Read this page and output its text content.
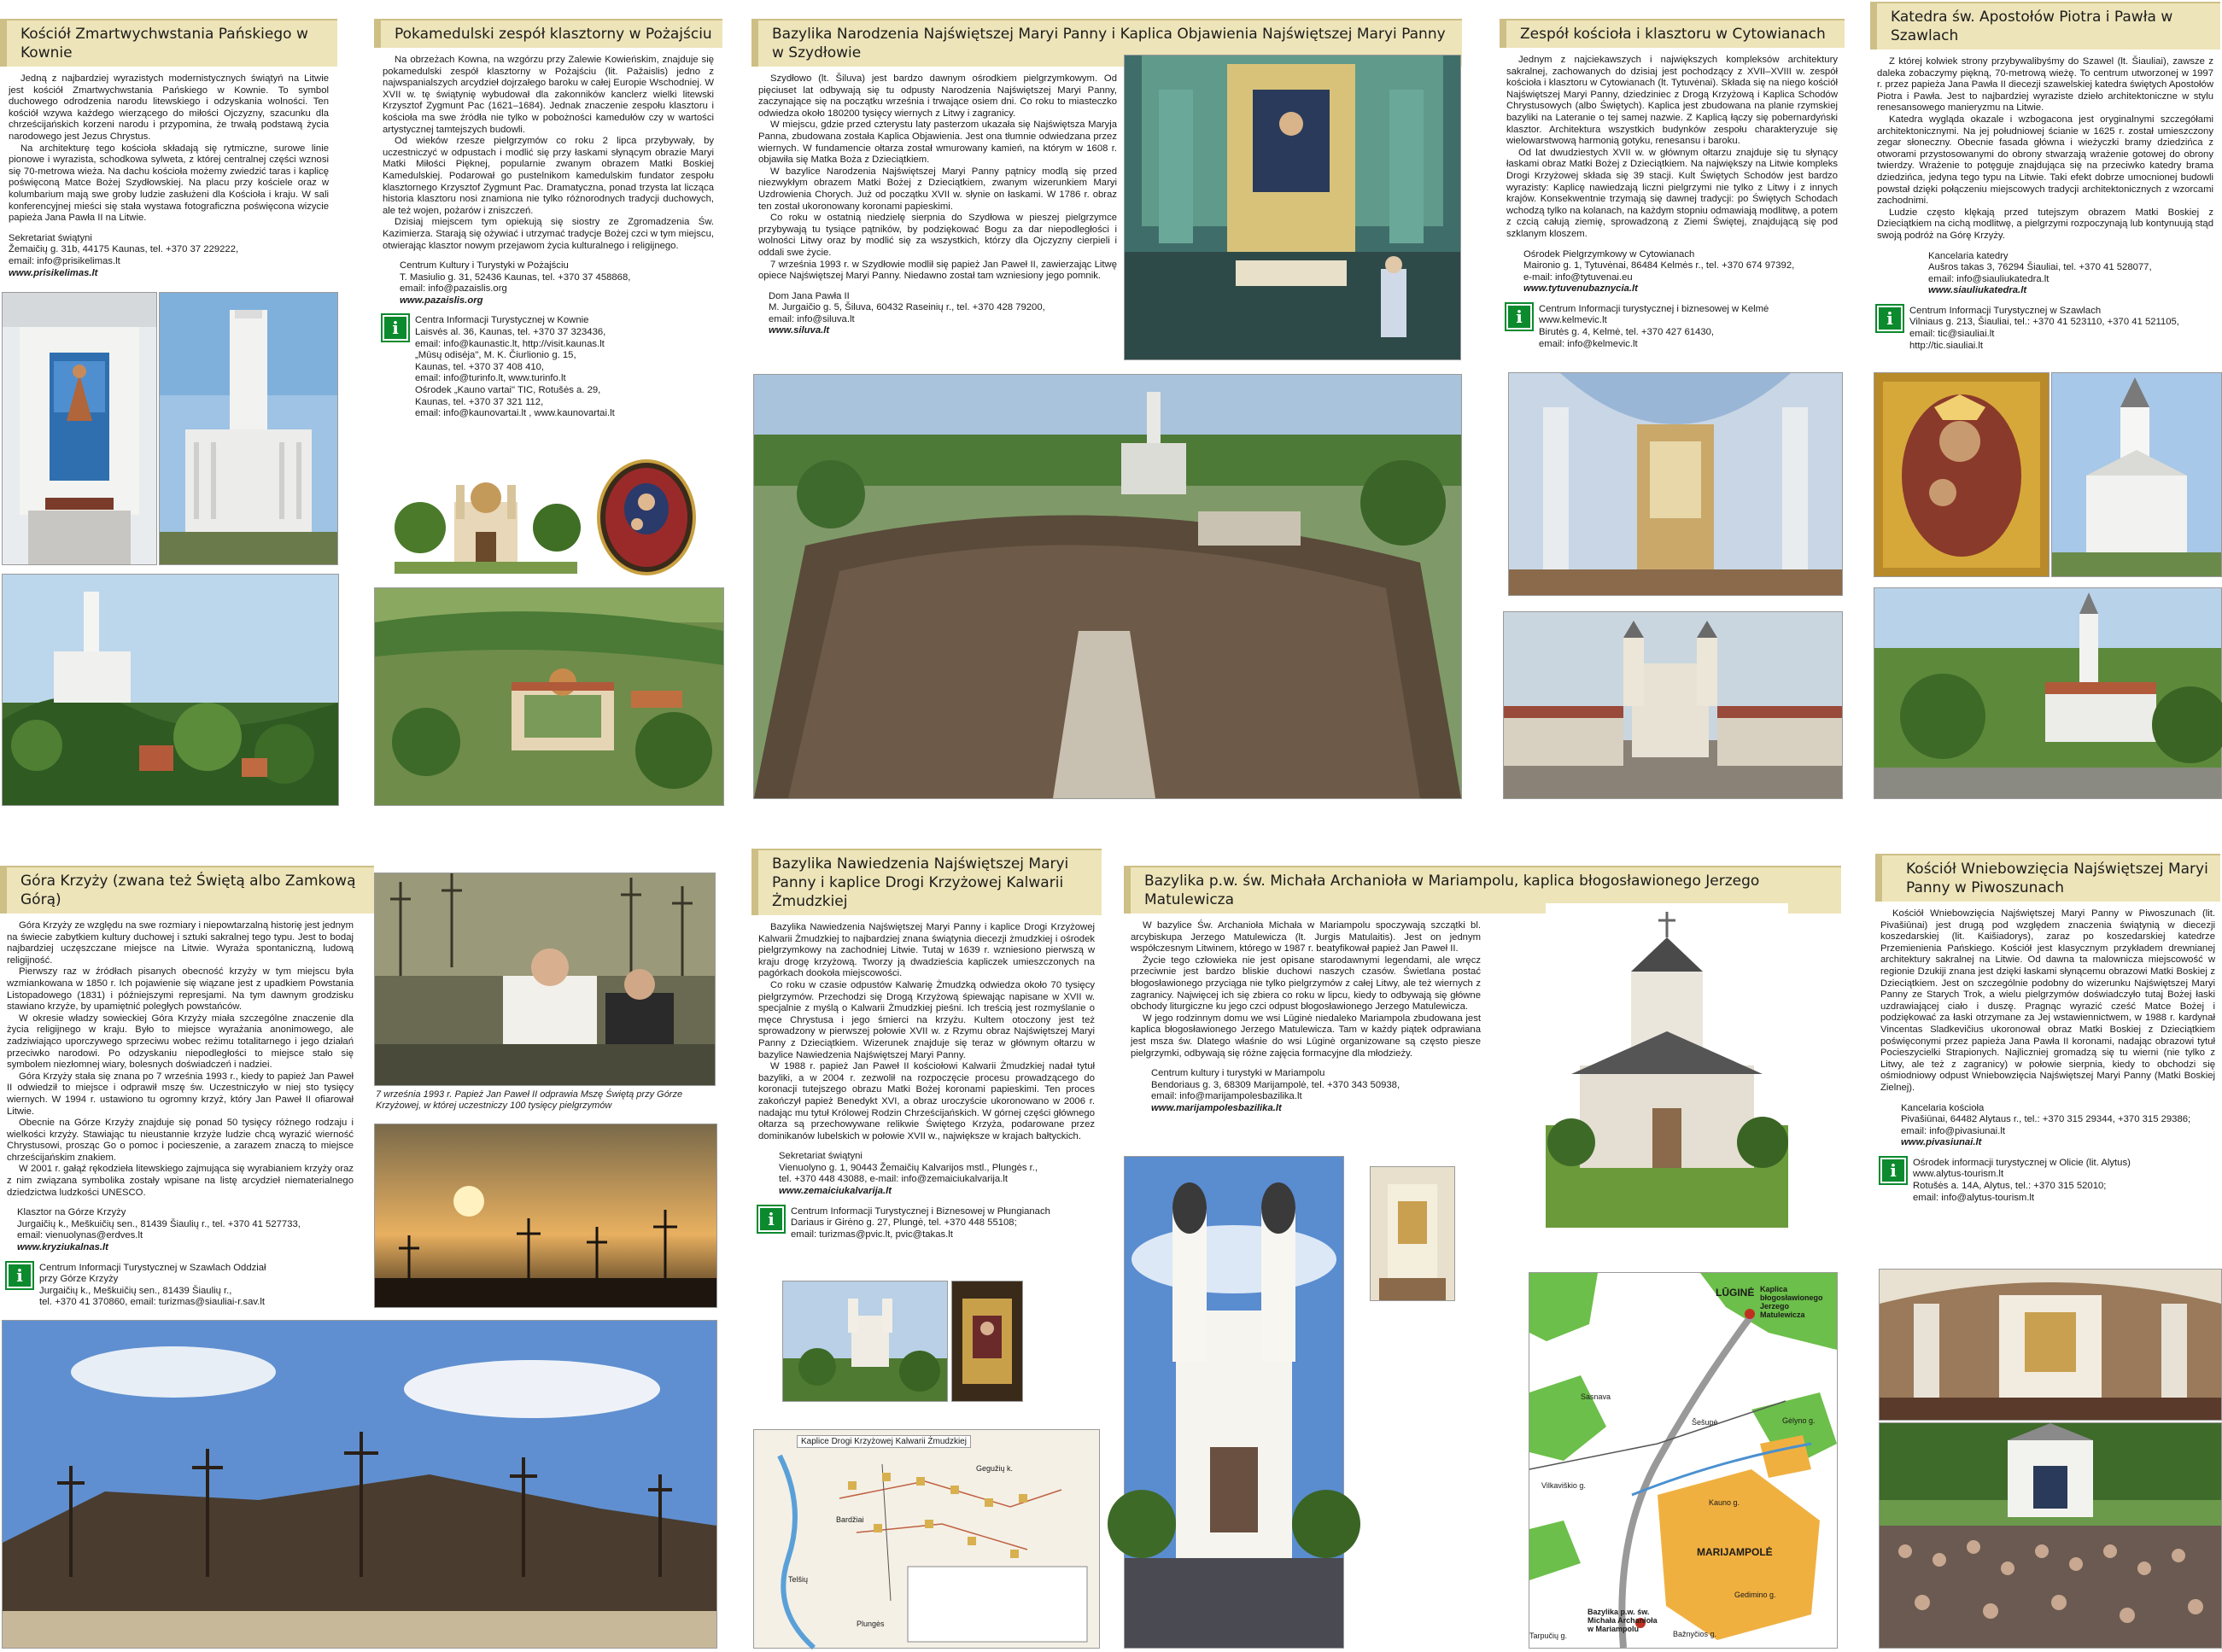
Kościół Zmartwychwstania Pańskiego w Kownie

Jedną z najbardziej wyrazistych modernistycznych świątyń na Litwie jest kościół Zmartwychwstania Pańskiego w Kownie. To symbol duchowego odrodzenia narodu litewskiego i odzyskania wolności. Ten kościół wzywa każdego wierzącego do miłości Ojczyzny, szacunku dla chrześcijańskich korzeni narodu i przypomina, że trwałą podstawą życia narodowego jest Jezus Chrystus.

Na architekturę tego kościoła składają się rytmiczne, surowe linie pionowe i wyrazista, schodkowa sylweta, z której centralnej części wznosi się 70-metrowa wieża. Na dachu kościoła możemy zwiedzić taras i kaplicę poświęconą Matce Bożej Szydłowskiej. Na placu przy kościele oraz w kolumbarium mają swe groby ludzie zasłużeni dla Kościoła i kraju. W sali konferencyjnej mieści się stała wystawa fotograficzna poświęcona wizycie papieża Jana Pawła II na Litwie.

Sekretariat świątyni
Žemaičių g. 31b, 44175 Kaunas, tel. +370 37 229222,
email: info@prisikelimas.lt
www.prisikelimas.lt
Pokamedulski zespół klasztorny w Pożajściu

Na obrzeżach Kowna, na wzgórzu przy Zalewie Kowieńskim, znajduje się pokamedulski zespół klasztorny w Pożajściu (lit. Pažaislis) jedno z najwspanialszych arcydzieł dojrzałego baroku w całej Europie Wschodniej. W XVII w. tę świątynię wybudował dla zakonników kanclerz wielki litewski Krzysztof Zygmunt Pac (1621–1684). Jednak znaczenie zespołu klasztoru i kościoła ma swe źródła nie tylko w pobożności kamedułów czy w wartości artystycznej tamtejszych budowli.

Od wieków rzesze pielgrzymów co roku 2 lipca przybywały, by uczestniczyć w odpustach i modlić się przy łaskami słynącym obrazie Maryi Matki Miłości Pięknej, popularnie zwanym obrazem Matki Boskiej Kamedulskiej. Podarował go pustelnikom kamedulskim fundator zespołu klasztornego Krzysztof Zygmunt Pac. Dramatyczna, ponad trzysta lat licząca historia klasztoru nosi znamiona nie tylko różnorodnych tradycji duchowych, ale też wojen, pożarów i zniszczeń.

Dzisiaj miejscem tym opiekują się siostry ze Zgromadzenia Św. Kazimierza. Starają się ożywiać i utrzymać tradycje Bożej czci w tym miejscu, otwierając klasztor nowym przejawom życia kulturalnego i religijnego.

Centrum Kultury i Turystyki w Pożajściu
T. Masiulio g. 31, 52436 Kaunas, tel. +370 37 458868,
email: info@pazaislis.org
www.pazaislis.org
i	Centra Informacji Turystycznej w Kownie
Laisvės al. 36, Kaunas, tel. +370 37 323436,
email: info@kaunastic.lt, http://visit.kaunas.lt
„Mūsų odisėja", M. K. Čiurlionio g. 15,
Kaunas, tel. +370 37 408 410,
email: info@turinfo.lt, www.turinfo.lt
Ośrodek „Kauno vartai" TIC, Rotušės a. 29,
Kaunas, tel. +370 37 321 112,
email: info@kaunovartai.lt , www.kaunovartai.lt
Bazylika Narodzenia Najświętszej Maryi Panny i Kaplica Objawienia Najświętszej Maryi Panny w Szydłowie

Szydłowo (lt. Šiluva) jest bardzo dawnym ośrodkiem pielgrzymkowym. Od pięciuset lat odbywają się tu odpusty Narodzenia Najświętszej Maryi Panny, zaczynające się na początku września i trwające osiem dni. Co roku to miasteczko odwiedza około 180200 tysięcy wiernych z Litwy i zagranicy.

W miejscu, gdzie przed czterystu laty pasterzom ukazała się Najświętsza Maryja Panna, zbudowana została Kaplica Objawienia. Jest ona tłumnie odwiedzana przez wiernych. W fundamencie ołtarza został wmurowany kamień, na którym w 1608 r. objawiła się Matka Boża z Dzieciątkiem.

W bazylice Narodzenia Najświętszej Maryi Panny pątnicy modlą się przed niezwykłym obrazem Matki Bożej z Dzieciątkiem, zwanym wizerunkiem Maryi Uzdrowienia Chorych. Już od początku XVII w. słynie on łaskami. W 1786 r. obraz ten został ukoronowany koronami papieskimi.

Co roku w ostatnią niedzielę sierpnia do Szydłowa w pieszej pielgrzymce przybywają tu tysiące pątników, by podziękować Bogu za dar niepodległości i wolności Litwy oraz by modlić się za wszystkich, którzy dla Ojczyzny cierpieli i oddali swe życie.

7 września 1993 r. w Szydłowie modlił się papież Jan Paweł II, zawierzając Litwę opiece Najświętszej Maryi Panny. Niedawno został tam wzniesiony jego pomnik.

Dom Jana Pawła II
M. Jurgaičio g. 5, Šiluva, 60432 Raseinių r., tel. +370 428 79200,
email: info@siluva.lt
www.siluva.lt
Zespół kościoła i klasztoru w Cytowianach

Jednym z najciekawszych i największych kompleksów architektury sakralnej, zachowanych do dzisiaj jest pochodzący z XVII–XVIII w. zespół kościoła i klasztoru w Cytowianach (lt. Tytuvėnai). Składa się na niego kościół Najświętszej Maryi Panny, dziedziniec z Drogą Krzyżową i Kaplica Schodów Chrystusowych (albo Świętych). Kaplica jest zbudowana na planie rzymskiej bazyliki na Lateranie o tej samej nazwie. Z Kaplicą łączy się pobernardyński klasztor. Architektura wszystkich budynków zespołu charakteryzuje się wielowarstwową harmonią gotyku, renesansu i baroku.

Od lat dwudziestych XVII w. w głównym ołtarzu znajduje się tu słynący łaskami obraz Matki Bożej z Dzieciątkiem. Na największy na Litwie kompleks Drogi Krzyżowej składa się 39 stacji. Kult Świętych Schodów jest bardzo wyrazisty: Kaplicę nawiedzają liczni pielgrzymi nie tylko z Litwy i z innych krajów. Konsekwentnie trzymają się dawnej tradycji: po Świętych Schodach wchodzą tylko na kolanach, na każdym stopniu odmawiają modlitwę, a potem z czcią całują ziemię, sprowadzoną z Ziemi Świętej, znajdującą się pod szklanym kloszem.

Ośrodek Pielgrzymkowy w Cytowianach
Maironio g. 1, Tytuvėnai, 86484 Kelmės r., tel. +370 674 97392,
e-mail: info@tytuvenai.eu
www.tytuvenubaznycia.lt
i	Centrum Informacji turystycznej i biznesowej w Kelmė
www.kelmevic.lt
Birutės g. 4, Kelmė, tel. +370 427 61430,
email: info@kelmevic.lt
Katedra św. Apostołów Piotra i Pawła w Szawlach

Z której kolwiek strony przybywalibyśmy do Szawel (lt. Šiauliai), zawsze z daleka zobaczymy piękną, 70-metrową wieżę. To centrum utworzonej w 1997 r. przez papieża Jana Pawła II diecezji szawelskiej katedra świętych Apostołów Piotra i Pawła. Jest to najbardziej wyraziste dzieło architektoniczne w stylu renesansowego manieryzmu na Litwie.

Katedra wygląda okazale i wzbogacona jest oryginalnymi szczegółami architektonicznymi. Na jej południowej ścianie w 1625 r. został umieszczony zegar słoneczny. Obecnie fasada główna i wieżyczki bramy dziedzińca z otworami przystosowanymi do obrony stwarzają wrażenie gotowej do obrony twierdzy. Wrażenie to potęguje znajdująca się na przeciwko katedry brama dziedzińca, jedyna tego typu na Litwie. Taki efekt dobrze umocnionej budowli powstał dzięki połączeniu miejscowych tradycji architektonicznych z wzorcami zachodnimi.

Ludzie często klękają przed tutejszym obrazem Matki Boskiej z Dzieciątkiem na cichą modlitwę, a pielgrzymi rozpoczynają lub kontynuują stąd swoją podróż na Górę Krzyży.

Kancelaria katedry
Aušros takas 3, 76294 Šiauliai, tel. +370 41 528077,
email: info@siauliukatedra.lt
www.siauliukatedra.lt
i	Centrum Informacji Turystycznej w Szawlach
Vilniaus g. 213, Šiauliai, tel.: +370 41 523110, +370 41 521105,
email: tic@siauliai.lt
http://tic.siauliai.lt
Góra Krzyży (zwana też Świętą albo Zamkową Górą)

Góra Krzyży ze względu na swe rozmiary i niepowtarzalną historię jest jednym na świecie zabytkiem kultury duchowej i sztuki sakralnej tego typu. Jest to bodaj najbardziej uczęszczane miejsce na Litwie. Wyraża spontaniczną, ludową religijność.

Pierwszy raz w źródłach pisanych obecność krzyży w tym miejscu była wzmiankowana w 1850 r. Ich pojawienie się wiązane jest z upadkiem Powstania Listopadowego (1831) i późniejszymi represjami. Na tym dawnym grodzisku stawiano krzyże, by upamiętnić poległych powstańców.

W okresie władzy sowieckiej Góra Krzyży miała szczególne znaczenie dla życia religijnego w kraju. Było to miejsce wyrażania anonimowego, ale zadziwiająco uporczywego sprzeciwu wobec reżimu totalitarnego i jego działań przeciwko narodowi. Po odzyskaniu niepodległości to miejsce stało się symbolem niezłomnej wiary, bolesnych doświadczeń i nadziei.

Góra Krzyży stała się znana po 7 września 1993 r., kiedy to papież Jan Paweł II odwiedził to miejsce i odprawił mszę św. Uczestniczyło w niej sto tysięcy wiernych. W 1994 r. ustawiono tu ogromny krzyż, który Jan Paweł II ofiarował Litwie.

Obecnie na Górze Krzyży znajduje się ponad 50 tysięcy różnego rodzaju i wielkości krzyży. Stawiając tu nieustannie krzyże ludzie chcą wyrazić wierność Chrystusowi, prosząc Go o pomoc i pocieszenie, a zarazem znaczą to miejsce chrześcijańskim znakiem.

W 2001 r. gałąź rękodzieła litewskiego zajmująca się wyrabianiem krzyży oraz z nim związana symbolika zostały wpisane na listę arcydzieł niematerialnego dziedzictwa ludzkości UNESCO.

Klasztor na Górze Krzyży
Jurgaičių k., Meškuičių sen., 81439 Šiaulių r., tel. +370 41 527733,
email: vienuolynas@erdves.lt
www.kryziukalnas.lt
i	Centrum Informacji Turystycznej w Szawlach Oddział
przy Górze Krzyży
Jurgaičių k., Meškuičių sen., 81439 Šiaulių r.,
tel. +370 41 370860, email: turizmas@siauliai-r.sav.lt
7 września 1993 r. Papież Jan Paweł II odprawia Mszę Świętą przy Górze Krzyżowej, w której uczestniczy 100 tysięcy pielgrzymów
Bazylika Nawiedzenia Najświętszej Maryi Panny i kaplice Drogi Krzyżowej Kalwarii Żmudzkiej

Bazylika Nawiedzenia Najświętszej Maryi Panny i kaplice Drogi Krzyżowej Kalwarii Żmudzkiej to najbardziej znana świątynia diecezji żmudzkiej i ośrodek pielgrzymkowy na zachodniej Litwie. Tutaj w 1639 r. wzniesiono pierwszą w kraju drogę krzyżową. Tworzy ją dwadzieścia kapliczek umieszczonych na pagórkach dookoła miejscowości.

Co roku w czasie odpustów Kalwarię Żmudzką odwiedza około 70 tysięcy pielgrzymów. Przechodzi się Drogą Krzyżową śpiewając napisane w XVII w. specjalnie z myślą o Kalwarii Żmudzkiej pieśni. Ich treścią jest rozmyślanie o męce Chrystusa i jego śmierci na krzyżu. Kultem otoczony jest też sprowadzony w pierwszej połowie XVII w. z Rzymu obraz Najświętszej Maryi Panny z Dzieciątkiem. Wizerunek znajduje się teraz w głównym ołtarzu w bazylice Nawiedzenia Najświętszej Maryi Panny.

W 1988 r. papież Jan Paweł II kościołowi Kalwarii Żmudzkiej nadał tytuł bazyliki, a w 2004 r. zezwolił na rozpoczęcie procesu prowadzącego do koronacji tutejszego obrazu Matki Bożej koronami papieskimi. Ten proces zakończył papież Benedykt XVI, a obraz uroczyście ukoronowano w 2006 r. nadając mu tytuł Królowej Rodzin Chrześcijańskich. W górnej części głównego ołtarza są przechowywane relikwie Świętego Krzyża, podarowane przez dominikanów lubelskich w połowie XVII w., największe w krajach bałtyckich.

Sekretariat świątyni
Vienuolyno g. 1, 90443 Žemaičių Kalvarijos mstl., Plungės r.,
tel. +370 448 43088, e-mail: info@zemaiciukalvarija.lt
www.zemaiciukalvarija.lt
i	Centrum Informacji Turystycznej i Biznesowej w Płungianach
Dariaus ir Girėno g. 27, Plungė, tel. +370 448 55108;
email: turizmas@pvic.lt, pvic@takas.lt
Kaplice Drogi Krzyżowej Kalwarii Żmudzkiej
Bardžiai
Gegužių k.
Telšių
Plungės
Bazylika p.w. św. Michała Archanioła w Mariampolu, kaplica błogosławionego Jerzego Matulewicza

W bazylice Św. Archanioła Michała w Mariampolu spoczywają szczątki bl. arcybiskupa Jerzego Matulewicza (lt. Jurgis Matulaitis). Jest on jednym współczesnym Litwinem, którego w 1987 r. beatyfikował papież Jan Paweł II.

Życie tego człowieka nie jest opisane starodawnymi legendami, ale wręcz przeciwnie jest bardzo bliskie duchowi naszych czasów. Świetlana postać błogosławionego przyciąga nie tylko pielgrzymów z całej Litwy, ale też wiernych z zagranicy. Najwięcej ich się zbiera co roku w lipcu, kiedy to odbywają się główne obchody liturgiczne ku jego czci odpust błogosławionego Jerzego Matulewicza.

W jego rodzinnym domu we wsi Lūginė niedaleko Mariampola zbudowana jest kaplica błogosławionego Jerzego Matulewicza. Tam w każdy piątek odprawiana jest msza św. Dlatego właśnie do wsi Lūginė organizowane są często piesze pielgrzymki, odbywają się różne zajęcia formacyjne dla młodzieży.

Centrum kultury i turystyki w Mariampolu
Bendoriaus g. 3, 68309 Marijampolė, tel. +370 343 50938,
email: info@marijampolesbazilika.lt
www.marijampolesbazilika.lt
LŪGINĖ Kaplica błogosławionego Jerzego Matulewicza
MARIJAMPOLĖ
Bazylika p.w. św. Michała Archanioła w Mariampolu
Sasnava
Šešupė	Gėlyno g.
Vilkaviškio g.
Bažnyčios g.
Gedimino g.
Kauno g.
Tarpučių g.
Kościół Wniebowzięcia Najświętszej Maryi Panny w Piwoszunach

Kościół Wniebowzięcia Najświętszej Maryi Panny w Piwoszunach (lit. Pivašiūnai) jest drugą pod względem znaczenia świątynią w diecezji koszedarskiej (lit. Kaišiadorys), zaraz po koszedarskiej katedrze Przemienienia Pańskiego. Kościół jest klasycznym przykładem drewnianej architektury sakralnej na Litwie. Od dawna ta malownicza miejscowość w regionie Dzukiji znana jest dzięki łaskami słynącemu obrazowi Matki Boskiej z Dzieciątkiem. Jest on szczególnie podobny do wizerunku Najświętszej Maryi Panny ze Starych Trok, a wielu pielgrzymów doświadczyło tutaj Bożej łaski uzdrawiającej ciało i duszę. Pragnąc wyrazić cześć Matce Bożej i podziękować za łaski otrzymane za Jej wstawiennictwem, w 1988 r. kardynał Vincentas Sladkevičius ukoronował obraz Matki Boskiej z Dzieciątkiem poświęconymi przez papieża Jana Pawła II koronami, nadając obrazowi tytuł Pocieszycielki Strapionych. Najliczniej gromadzą się tu wierni (nie tylko z Litwy, ale też z zagranicy) w połowie sierpnia, kiedy to obchodzi się ośmiodniowy odpust Wniebowzięcia Najświętszej Maryi Panny (Matki Boskiej Zielnej).

Kancelaria kościoła
Pivašiūnai, 64482 Alytaus r., tel.: +370 315 29344, +370 315 29386;
email: info@pivasiunai.lt
www.pivasiunai.lt
i	Ośrodek informacji turystycznej w Olicie (lit. Alytus)
www.alytus-tourism.lt
Rotušės a. 14A, Alytus, tel.: +370 315 52010;
email: info@alytus-tourism.lt
